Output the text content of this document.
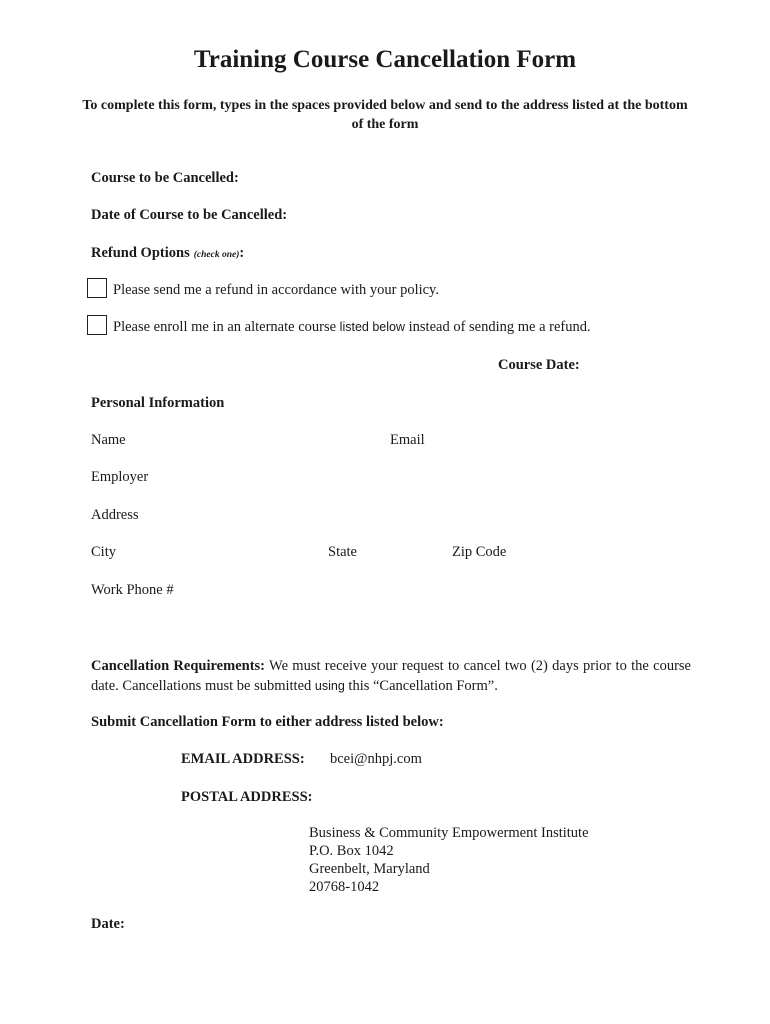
Training Course Cancellation Form
To complete this form, types in the spaces provided below and send to the address listed at the bottom of the form
Course to be Cancelled:
Date of Course to be Cancelled:
Refund Options (check one):
Please send me a refund in accordance with your policy.
Please enroll me in an alternate course listed below instead of sending me a refund.
Course Date:
Personal Information
Name	Email
Employer
Address
City	State	Zip Code
Work Phone #
Cancellation Requirements: We must receive your request to cancel two (2) days prior to the course date. Cancellations must be submitted using this “Cancellation Form”.
Submit Cancellation Form to either address listed below:
EMAIL ADDRESS: bcei@nhpj.com
POSTAL ADDRESS:
Business & Community Empowerment Institute
P.O. Box 1042
Greenbelt, Maryland
20768-1042
Date:
